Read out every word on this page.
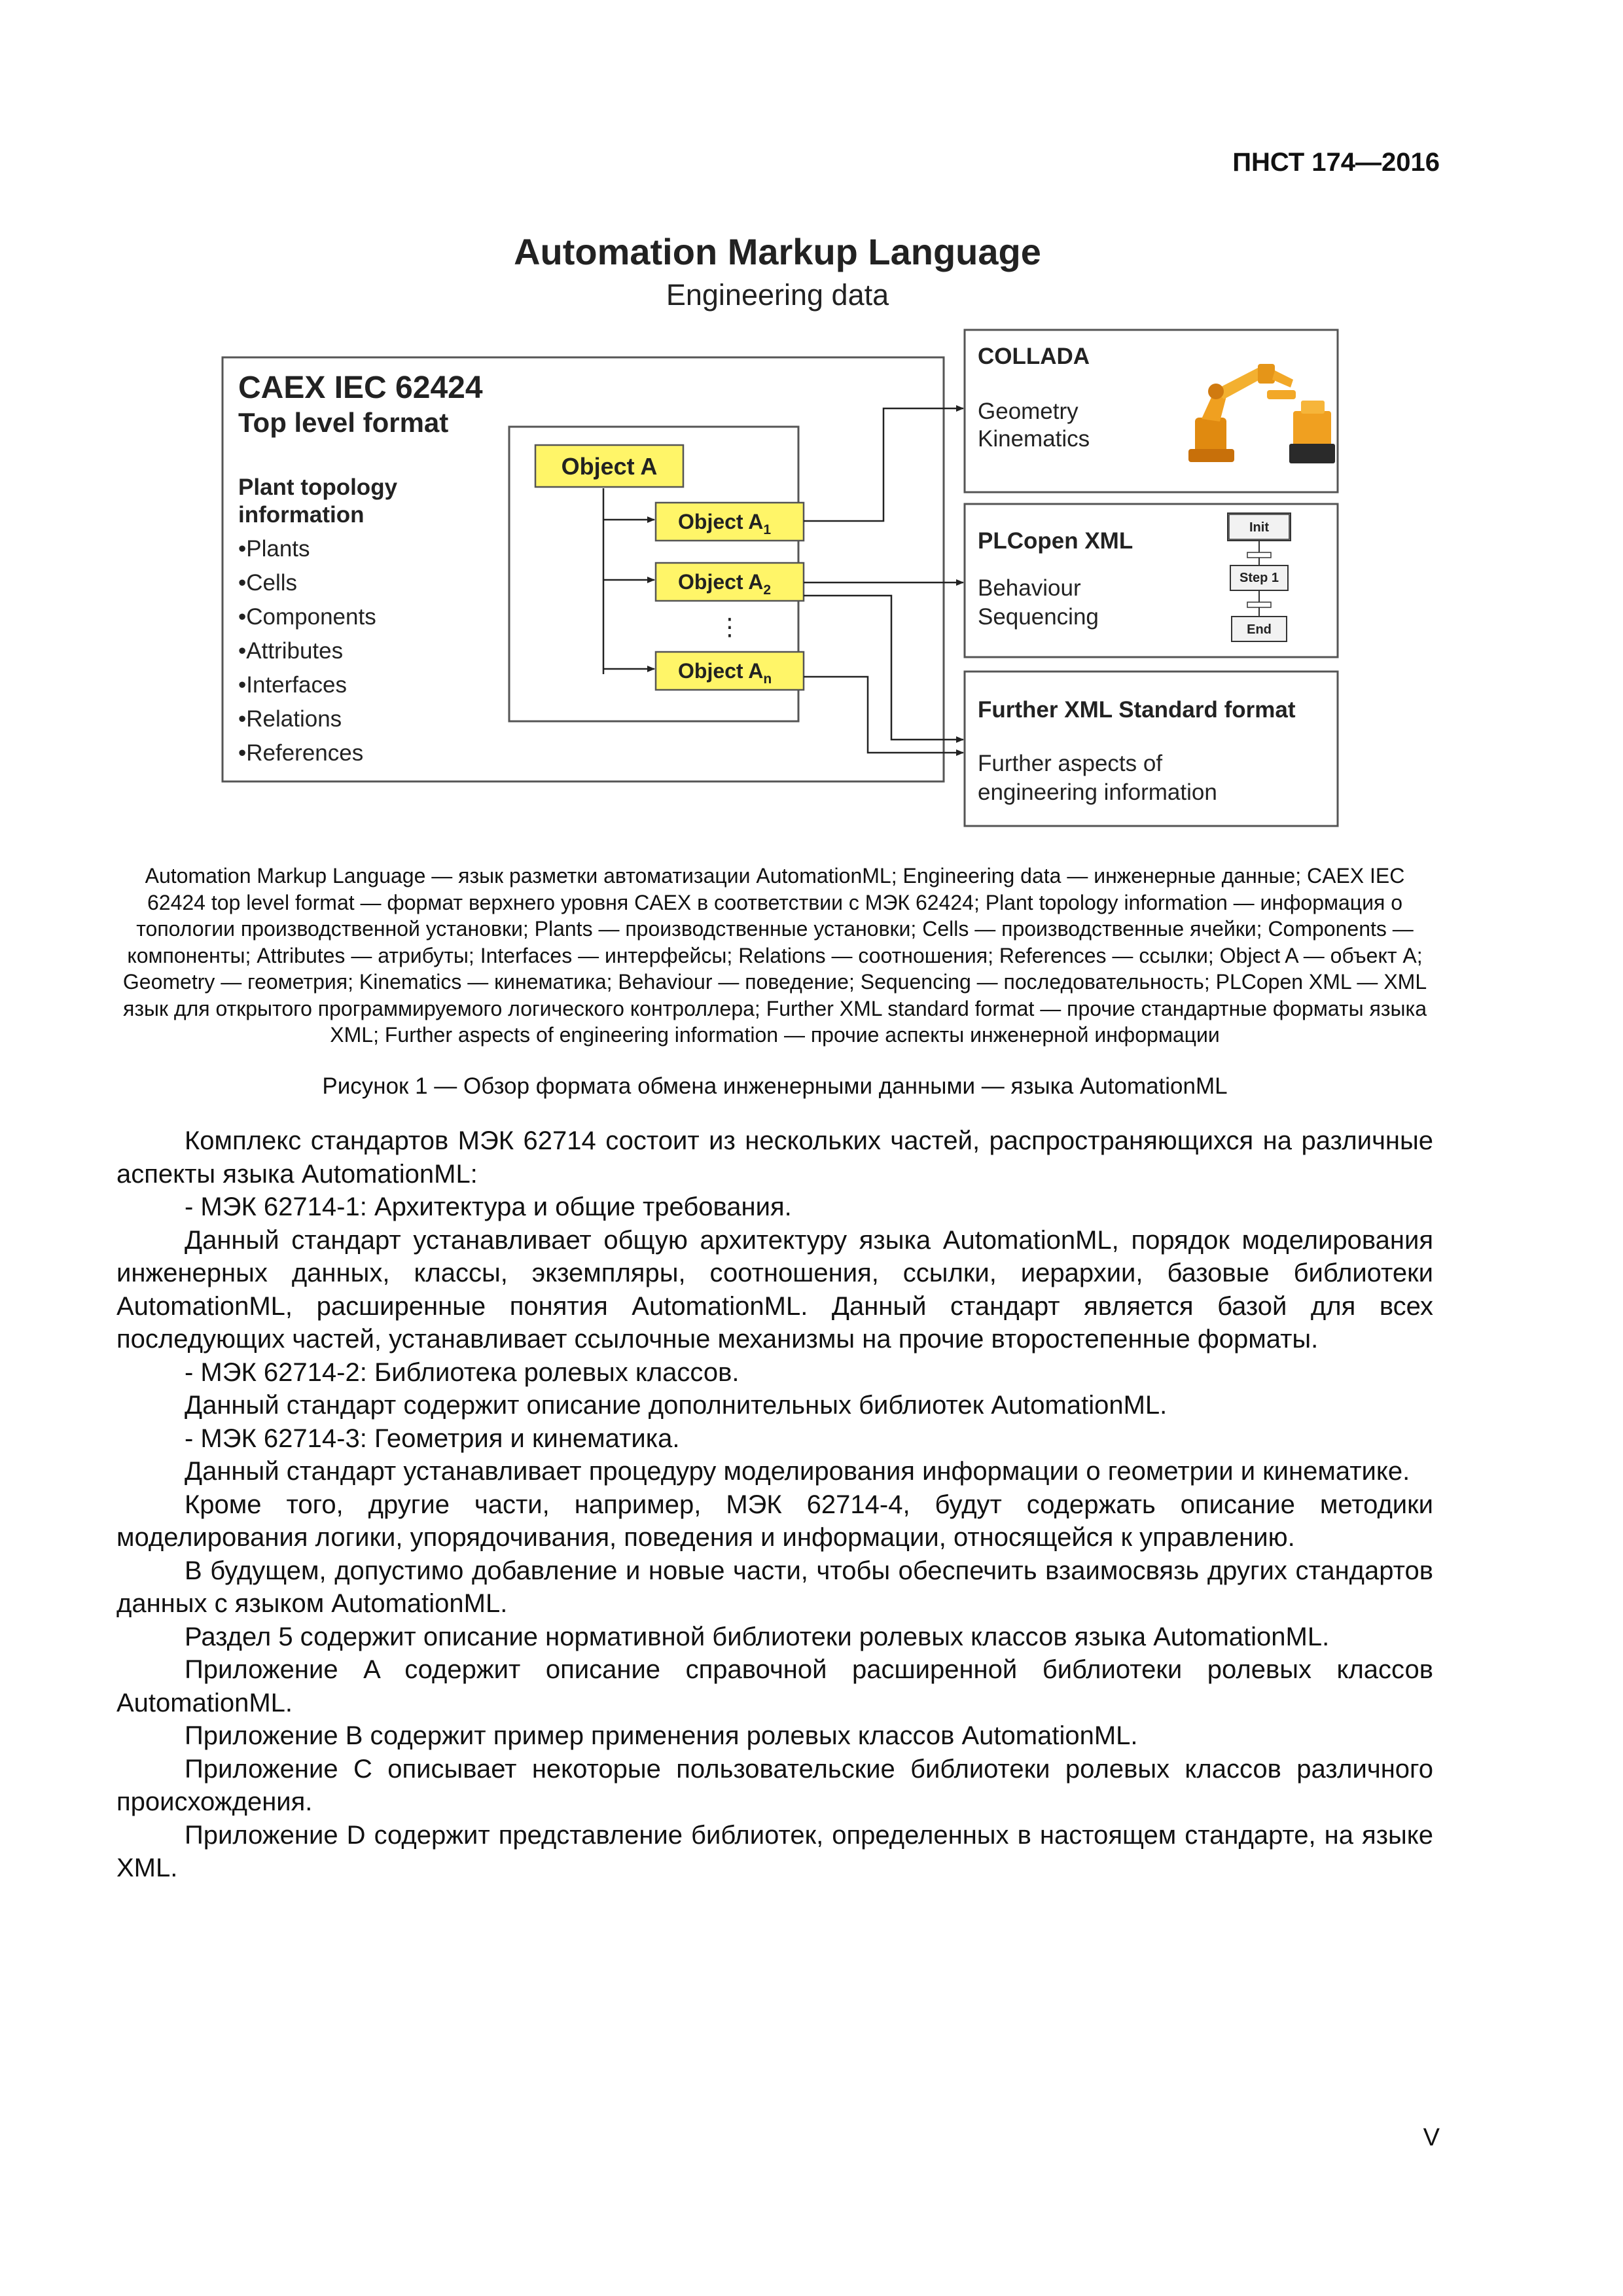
ПНСТ 174—2016
Automation Markup Language
Engineering data
CAEX IEC 62424
Top level format
Plant topology
information
•Plants
•Cells
•Components
•Attributes
•Interfaces
•Relations
•References
Object A
Object $A_1$
Object $A_2$
⋮
Object $A_n$
COLLADA
Geometry
Kinematics
PLCopen XML
Behaviour
Sequencing
Init
Step 1
End
Further XML Standard format
Further aspects of
engineering information

Automation Markup Language — язык разметки автоматизации AutomationML; Engineering data — инженерные данные; CAEX IEC 62424 top level format — формат верхнего уровня CAEX в соответствии с МЭК 62424; Plant topology information — информация о топологии производственной установки; Plants — производственные установки; Cells — производственные ячейки; Components — компоненты; Attributes — атрибуты; Interfaces — интерфейсы; Relations — соотношения; References — ссылки; Object A — объект А; Geometry — геометрия; Kinematics — кинематика; Behaviour — поведение; Sequencing — последовательность; PLCopen XML — XML язык для открытого программируемого логического контроллера; Further XML standard format — прочие стандартные форматы языка XML; Further aspects of engineering information — прочие аспекты инженерной информации

Рисунок 1 — Обзор формата обмена инженерными данными — языка AutomationML

Комплекс стандартов МЭК 62714 состоит из нескольких частей, распространяющихся на различные аспекты языка AutomationML:

- МЭК 62714-1: Архитектура и общие требования.

Данный стандарт устанавливает общую архитектуру языка AutomationML, порядок моделирования инженерных данных, классы, экземпляры, соотношения, ссылки, иерархии, базовые библиотеки AutomationML, расширенные понятия AutomationML. Данный стандарт является базой для всех последующих частей, устанавливает ссылочные механизмы на прочие второстепенные форматы.

- МЭК 62714-2: Библиотека ролевых классов.

Данный стандарт содержит описание дополнительных библиотек AutomationML.

- МЭК 62714-3: Геометрия и кинематика.

Данный стандарт устанавливает процедуру моделирования информации о геометрии и кинематике.

Кроме того, другие части, например, МЭК 62714-4, будут содержать описание методики моделирования логики, упорядочивания, поведения и информации, относящейся к управлению.

В будущем, допустимо добавление и новые части, чтобы обеспечить взаимосвязь других стандартов данных с языком AutomationML.

Раздел 5 содержит описание нормативной библиотеки ролевых классов языка AutomationML.

Приложение A содержит описание справочной расширенной библиотеки ролевых классов AutomationML.

Приложение B содержит пример применения ролевых классов AutomationML.

Приложение C описывает некоторые пользовательские библиотеки ролевых классов различного происхождения.

Приложение D содержит представление библиотек, определенных в настоящем стандарте, на языке XML.

V
